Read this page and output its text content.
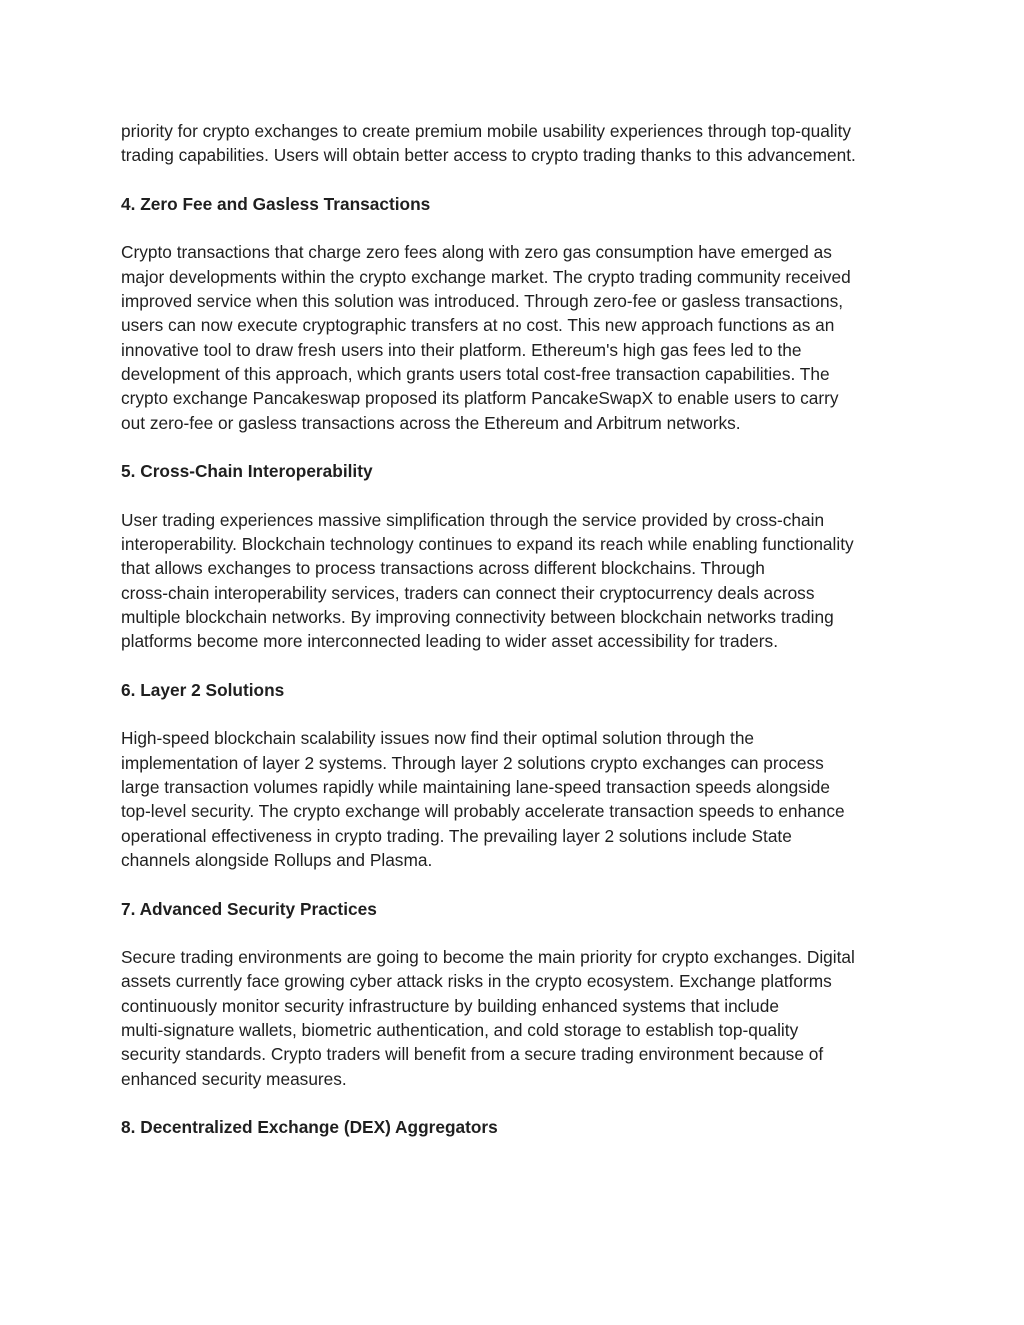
priority for crypto exchanges to create premium mobile usability experiences through top-quality
trading capabilities. Users will obtain better access to crypto trading thanks to this advancement.

4. Zero Fee and Gasless Transactions

Crypto transactions that charge zero fees along with zero gas consumption have emerged as
major developments within the crypto exchange market. The crypto trading community received
improved service when this solution was introduced. Through zero-fee or gasless transactions,
users can now execute cryptographic transfers at no cost. This new approach functions as an
innovative tool to draw fresh users into their platform. Ethereum's high gas fees led to the
development of this approach, which grants users total cost-free transaction capabilities. The
crypto exchange Pancakeswap proposed its platform PancakeSwapX to enable users to carry
out zero-fee or gasless transactions across the Ethereum and Arbitrum networks.

5. Cross-Chain Interoperability

User trading experiences massive simplification through the service provided by cross-chain
interoperability. Blockchain technology continues to expand its reach while enabling functionality
that allows exchanges to process transactions across different blockchains. Through
cross-chain interoperability services, traders can connect their cryptocurrency deals across
multiple blockchain networks. By improving connectivity between blockchain networks trading
platforms become more interconnected leading to wider asset accessibility for traders.

6. Layer 2 Solutions

High-speed blockchain scalability issues now find their optimal solution through the
implementation of layer 2 systems. Through layer 2 solutions crypto exchanges can process
large transaction volumes rapidly while maintaining lane-speed transaction speeds alongside
top-level security. The crypto exchange will probably accelerate transaction speeds to enhance
operational effectiveness in crypto trading. The prevailing layer 2 solutions include State
channels alongside Rollups and Plasma.

7. Advanced Security Practices

Secure trading environments are going to become the main priority for crypto exchanges. Digital
assets currently face growing cyber attack risks in the crypto ecosystem. Exchange platforms
continuously monitor security infrastructure by building enhanced systems that include
multi-signature wallets, biometric authentication, and cold storage to establish top-quality
security standards. Crypto traders will benefit from a secure trading environment because of
enhanced security measures.

8. Decentralized Exchange (DEX) Aggregators
